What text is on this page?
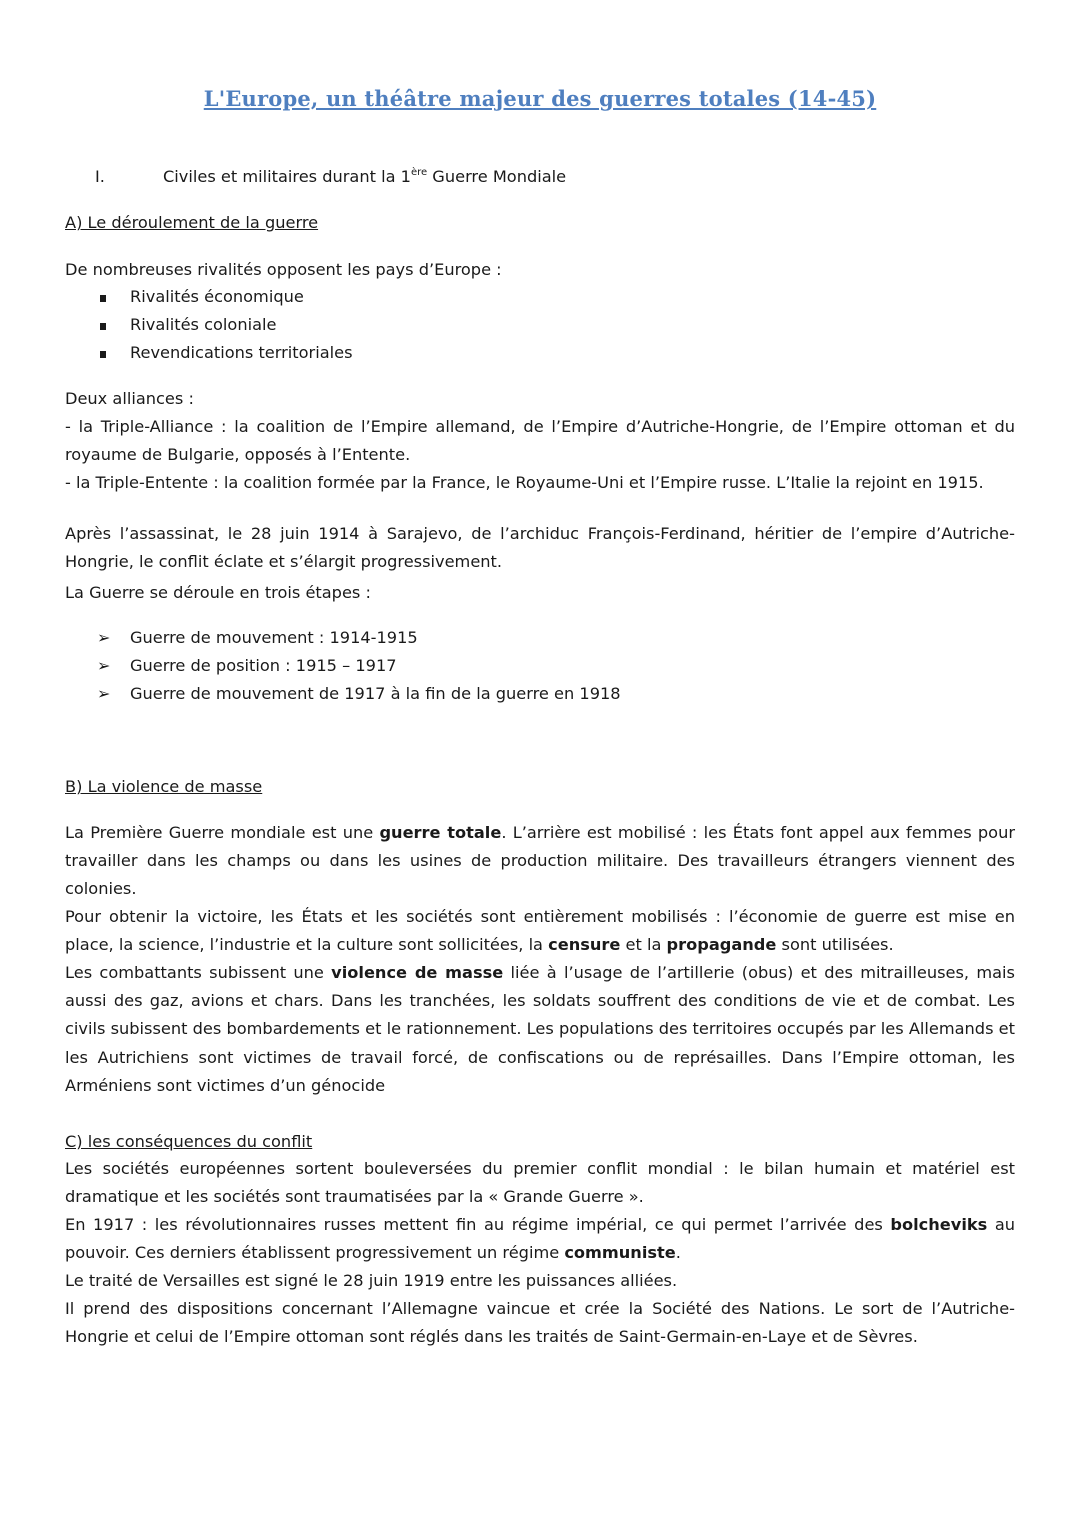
L'Europe, un théâtre majeur des guerres totales (14-45)
I.	Civiles et militaires durant la 1ère Guerre Mondiale
A) Le déroulement de la guerre
De nombreuses rivalités opposent les pays d’Europe :
Rivalités économique
Rivalités coloniale
Revendications territoriales
Deux alliances :
- la Triple-Alliance : la coalition de l’Empire allemand, de l’Empire d’Autriche-Hongrie, de l’Empire ottoman et du royaume de Bulgarie, opposés à l’Entente.
- la Triple-Entente : la coalition formée par la France, le Royaume-Uni et l’Empire russe. L’Italie la rejoint en 1915.
Après l’assassinat, le 28 juin 1914 à Sarajevo, de l’archiduc François-Ferdinand, héritier de l’empire d’Autriche-Hongrie, le conflit éclate et s’élargit progressivement.
La Guerre se déroule en trois étapes :
➢	Guerre de mouvement : 1914-1915
➢	Guerre de position : 1915 – 1917
➢	Guerre de mouvement de 1917 à la fin de la guerre en 1918
B) La violence de masse
La Première Guerre mondiale est une guerre totale. L’arrière est mobilisé : les États font appel aux femmes pour travailler dans les champs ou dans les usines de production militaire. Des travailleurs étrangers viennent des colonies.
Pour obtenir la victoire, les États et les sociétés sont entièrement mobilisés : l’économie de guerre est mise en place, la science, l’industrie et la culture sont sollicitées, la censure et la propagande sont utilisées.
Les combattants subissent une violence de masse liée à l’usage de l’artillerie (obus) et des mitrailleuses, mais aussi des gaz, avions et chars. Dans les tranchées, les soldats souffrent des conditions de vie et de combat. Les civils subissent des bombardements et le rationnement. Les populations des territoires occupés par les Allemands et les Autrichiens sont victimes de travail forcé, de confiscations ou de représailles. Dans l’Empire ottoman, les Arméniens sont victimes d’un génocide
C) les conséquences du conflit
Les sociétés européennes sortent bouleversées du premier conflit mondial : le bilan humain et matériel est dramatique et les sociétés sont traumatisées par la « Grande Guerre ».
En 1917 : les révolutionnaires russes mettent fin au régime impérial, ce qui permet l’arrivée des bolcheviks au pouvoir. Ces derniers établissent progressivement un régime communiste.
Le traité de Versailles est signé le 28 juin 1919 entre les puissances alliées.
Il prend des dispositions concernant l’Allemagne vaincue et crée la Société des Nations. Le sort de l’Autriche-Hongrie et celui de l’Empire ottoman sont réglés dans les traités de Saint-Germain-en-Laye et de Sèvres.
